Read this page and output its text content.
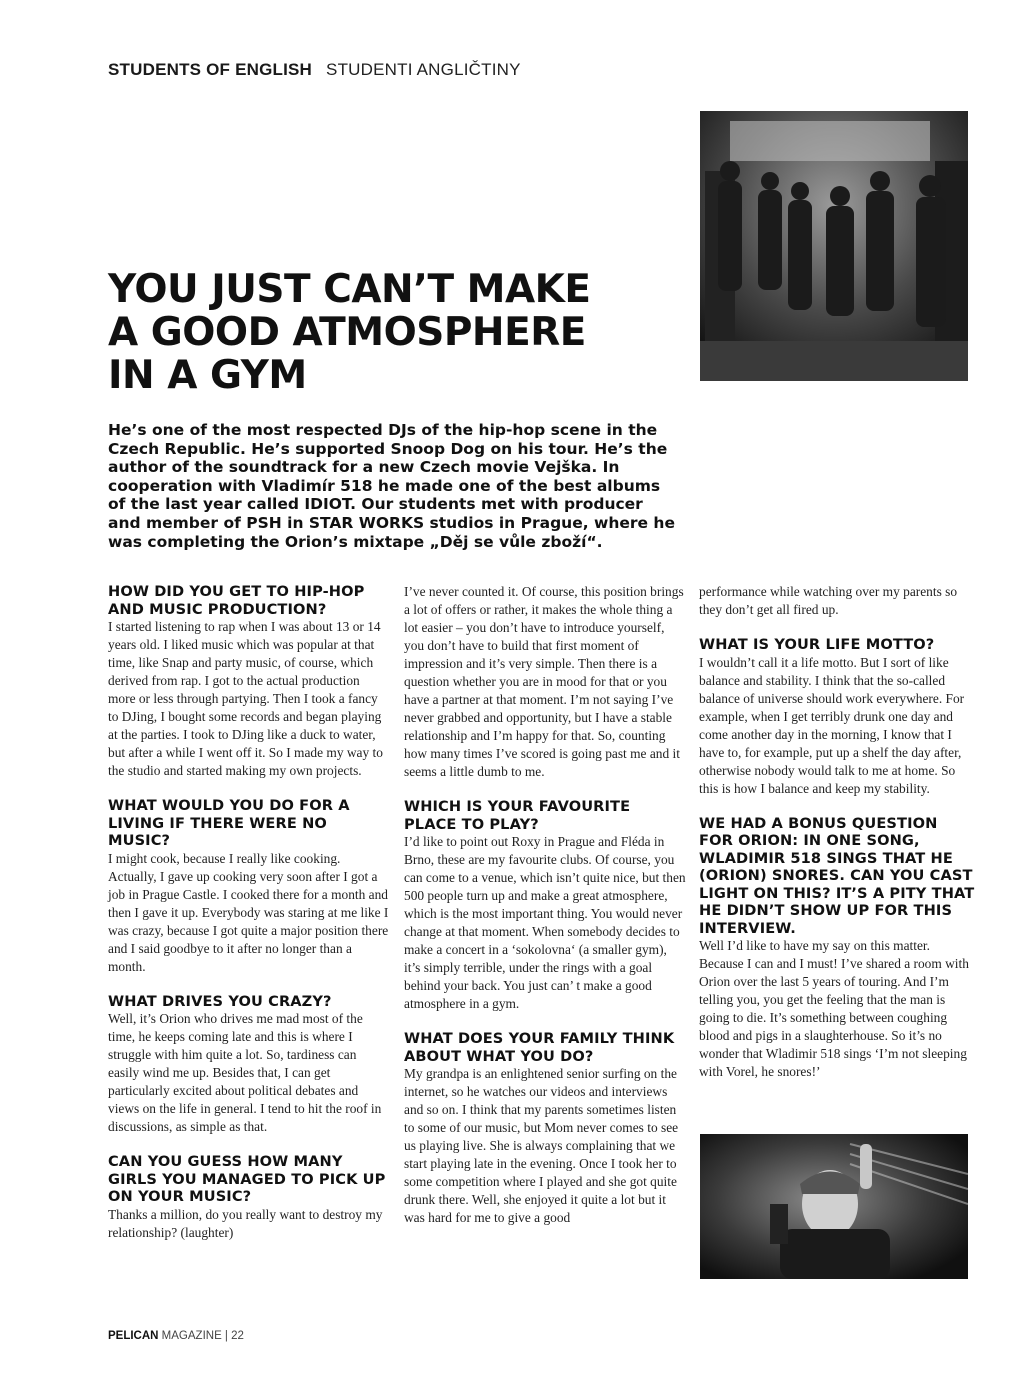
STUDENTS OF ENGLISH STUDENTI ANGLIČTINY
YOU JUST CAN’T MAKE
A GOOD ATMOSPHERE
IN A GYM

He’s one of the most respected DJs of the hip-hop scene in the Czech Republic. He’s supported Snoop Dog on his tour. He’s the author of the soundtrack for a new Czech movie Vejška. In cooperation with Vladimír 518 he made one of the best albums of the last year called IDIOT. Our students met with producer and member of PSH in STAR WORKS studios in Prague, where he was completing the Orion’s mixtape „Děj se vůle zboží“.

HOW DID YOU GET TO HIP-HOP AND MUSIC PRODUCTION?

I started listening to rap when I was about 13 or 14 years old. I liked music which was popular at that time, like Snap and party music, of course, which derived from rap. I got to the actual production more or less through partying. Then I took a fancy to DJing, I bought some records and began playing at the parties. I took to DJing like a duck to water, but after a while I went off it. So I made my way to the studio and started making my own projects.

WHAT WOULD YOU DO FOR A LIVING IF THERE WERE NO MUSIC?

I might cook, because I really like cooking. Actually, I gave up cooking very soon after I got a job in Prague Castle. I cooked there for a month and then I gave it up. Everybody was staring at me like I was crazy, because I got quite a major position there and I said goodbye to it after no longer than a month.

WHAT DRIVES YOU CRAZY?

Well, it’s Orion who drives me mad most of the time, he keeps coming late and this is where I struggle with him quite a lot. So, tardiness can easily wind me up. Besides that, I can get particularly excited about political debates and views on the life in general. I tend to hit the roof in discussions, as simple as that.

CAN YOU GUESS HOW MANY GIRLS YOU MANAGED TO PICK UP ON YOUR MUSIC?

Thanks a million, do you really want to destroy my relationship? (laughter)

I’ve never counted it. Of course, this position brings a lot of offers or rather, it makes the whole thing a lot easier – you don’t have to introduce yourself, you don’t have to build that first moment of impression and it’s very simple. Then there is a question whether you are in mood for that or you have a partner at that moment. I’m not saying I’ve never grabbed and opportunity, but I have a stable relationship and I’m happy for that. So, counting how many times I’ve scored is going past me and it seems a little dumb to me.

WHICH IS YOUR FAVOURITE PLACE TO PLAY?

I’d like to point out Roxy in Prague and Fléda in Brno, these are my favourite clubs. Of course, you can come to a venue, which isn’t quite nice, but then 500 people turn up and make a great atmosphere, which is the most important thing. You would never change at that moment. When somebody decides to make a concert in a ‘sokolovna‘ (a smaller gym), it’s simply terrible, under the rings with a goal behind your back. You just can’ t make a good atmosphere in a gym.

WHAT DOES YOUR FAMILY THINK ABOUT WHAT YOU DO?

My grandpa is an enlightened senior surfing on the internet, so he watches our videos and interviews and so on. I think that my parents sometimes listen to some of our music, but Mom never comes to see us playing live. She is always complaining that we start playing late in the evening. Once I took her to some competition where I played and she got quite drunk there. Well, she enjoyed it quite a lot but it was hard for me to give a good

performance while watching over my parents so they don’t get all fired up.

WHAT IS YOUR LIFE MOTTO?

I wouldn’t call it a life motto. But I sort of like balance and stability. I think that the so-called balance of universe should work everywhere. For example, when I get terribly drunk one day and come another day in the morning, I know that I have to, for example, put up a shelf the day after, otherwise nobody would talk to me at home. So this is how I balance and keep my stability.

WE HAD A BONUS QUESTION FOR ORION: IN ONE SONG, WLADIMIR 518 SINGS THAT HE (ORION) SNORES. CAN YOU CAST LIGHT ON THIS? IT’S A PITY THAT HE DIDN’T SHOW UP FOR THIS INTERVIEW.

Well I’d like to have my say on this matter. Because I can and I must! I’ve shared a room with Orion over the last 5 years of touring. And I’m telling you, you get the feeling that the man is going to die. It’s something between coughing blood and pigs in a slaughterhouse. So it’s no wonder that Wladimir 518 sings ‘I’m not sleeping with Vorel, he snores!’

PELICAN MAGAZINE | 22
